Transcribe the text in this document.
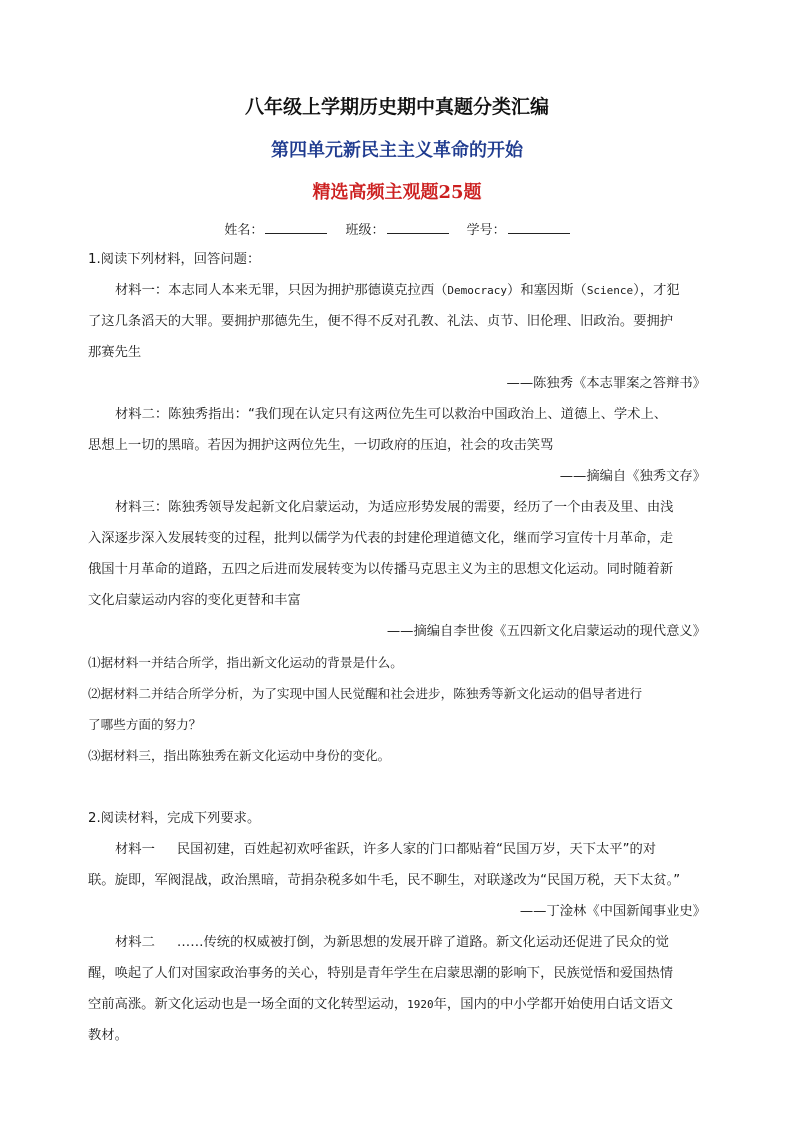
八年级上学期历史期中真题分类汇编
第四单元新民主主义革命的开始
精选高频主观题25题
姓名：	班级：	学号：
1.阅读下列材料，回答问题：
材料一：本志同人本来无罪，只因为拥护那德谟克拉西（Democracy）和塞因斯（Science），才犯
了这几条滔天的大罪。要拥护那德先生，便不得不反对孔教、礼法、贞节、旧伦理、旧政治。要拥护
那赛先生
——陈独秀《本志罪案之答辩书》
材料二：陈独秀指出：“我们现在认定只有这两位先生可以救治中国政治上、道德上、学术上、
思想上一切的黑暗。若因为拥护这两位先生，一切政府的压迫，社会的攻击笑骂
——摘编自《独秀文存》
材料三：陈独秀领导发起新文化启蒙运动，为适应形势发展的需要，经历了一个由表及里、由浅
入深逐步深入发展转变的过程，批判以儒学为代表的封建伦理道德文化，继而学习宣传十月革命，走
俄国十月革命的道路，五四之后进而发展转变为以传播马克思主义为主的思想文化运动。同时随着新
文化启蒙运动内容的变化更替和丰富
——摘编自李世俊《五四新文化启蒙运动的现代意义》
⑴据材料一并结合所学，指出新文化运动的背景是什么。
⑵据材料二并结合所学分析，为了实现中国人民觉醒和社会进步，陈独秀等新文化运动的倡导者进行
了哪些方面的努力？
⑶据材料三，指出陈独秀在新文化运动中身份的变化。
2.阅读材料，完成下列要求。
材料一 民国初建，百姓起初欢呼雀跃，许多人家的门口都贴着“民国万岁，天下太平”的对
联。旋即，军阀混战，政治黑暗，苛捐杂税多如牛毛，民不聊生，对联遂改为“民国万税，天下太贫。”
——丁淦林《中国新闻事业史》
材料二 ……传统的权威被打倒，为新思想的发展开辟了道路。新文化运动还促进了民众的觉
醒，唤起了人们对国家政治事务的关心，特别是青年学生在启蒙思潮的影响下，民族觉悟和爱国热情
空前高涨。新文化运动也是一场全面的文化转型运动，1920年，国内的中小学都开始使用白话文语文
教材。
